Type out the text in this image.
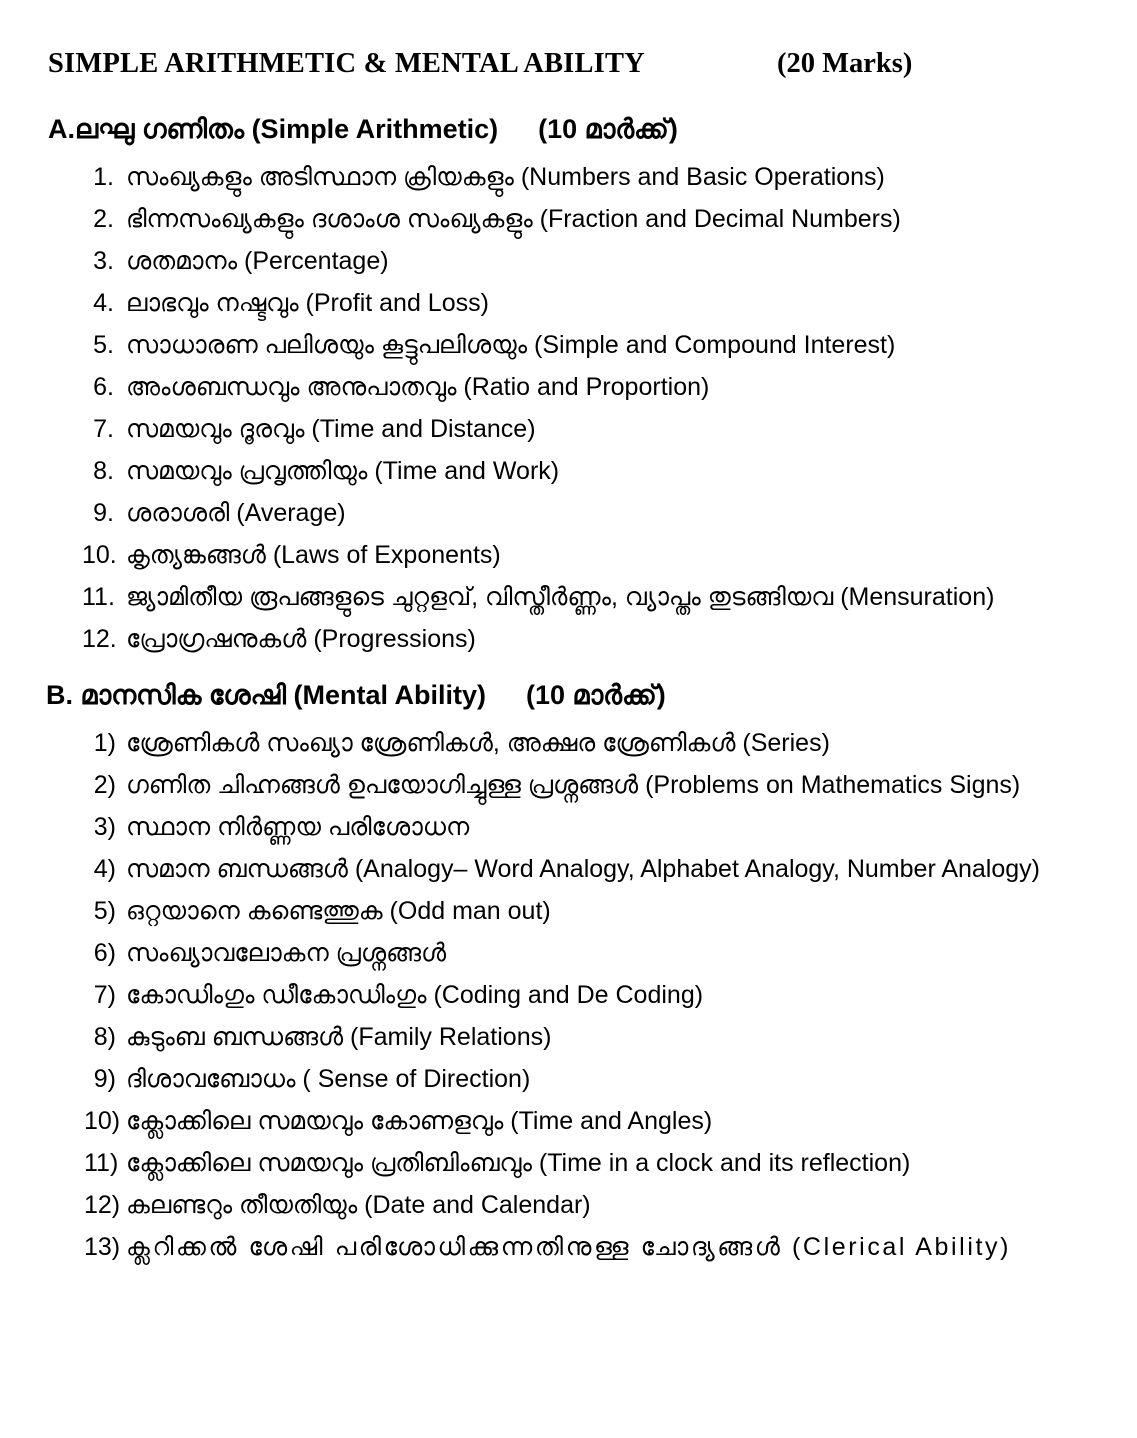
SIMPLE ARITHMETIC & MENTAL ABILITY	(20 Marks)
A.ലഘു ഗണിതം (Simple Arithmetic) (10 മാർക്ക്)
1. സംഖ്യകളും അടിസ്ഥാന ക്രിയകളും (Numbers and Basic Operations)
2. ഭിന്നസംഖ്യകളും ദശാംശ സംഖ്യകളും (Fraction and Decimal Numbers)
3. ശതമാനം (Percentage)
4. ലാഭവും നഷ്ടവും (Profit and Loss)
5. സാധാരണ പലിശയും കൂട്ടുപലിശയും (Simple and Compound Interest)
6. അംശബന്ധവും അനുപാതവും (Ratio and Proportion)
7. സമയവും ദൂരവും (Time and Distance)
8. സമയവും പ്രവൃത്തിയും (Time and Work)
9. ശരാശരി (Average)
10. കൃത്യങ്കങ്ങൾ (Laws of Exponents)
11. ജ്യാമിതീയ രൂപങ്ങളുടെ ചുറ്റളവ്, വിസ്തീർണ്ണം, വ്യാപ്തം തുടങ്ങിയവ (Mensuration)
12. പ്രോഗ്രഷനുകൾ (Progressions)
B. മാനസിക ശേഷി (Mental Ability) (10 മാർക്ക്)
1) ശ്രേണികൾ സംഖ്യാ ശ്രേണികൾ, അക്ഷര ശ്രേണികൾ (Series)
2) ഗണിത ചിഹ്നങ്ങൾ ഉപയോഗിച്ചുള്ള പ്രശ്നങ്ങൾ (Problems on Mathematics Signs)
3) സ്ഥാന നിർണ്ണയ പരിശോധന
4) സമാന ബന്ധങ്ങൾ (Analogy– Word Analogy, Alphabet Analogy, Number Analogy)
5) ഒറ്റയാനെ കണ്ടെത്തുക (Odd man out)
6) സംഖ്യാവലോകന പ്രശ്നങ്ങൾ
7) കോഡിംഗും ഡീകോഡിംഗും (Coding and De Coding)
8) കുടുംബ ബന്ധങ്ങൾ (Family Relations)
9) ദിശാവബോധം ( Sense of Direction)
10) ക്ലോക്കിലെ സമയവും കോണളവും (Time and Angles)
11) ക്ലോക്കിലെ സമയവും പ്രതിബിംബവും (Time in a clock and its reflection)
12) കലണ്ടറും തീയതിയും (Date and Calendar)
13) ക്ലറിക്കൽ ശേഷി പരിശോധിക്കുന്നതിനുള്ള ചോദ്യങ്ങൾ (Clerical Ability)
